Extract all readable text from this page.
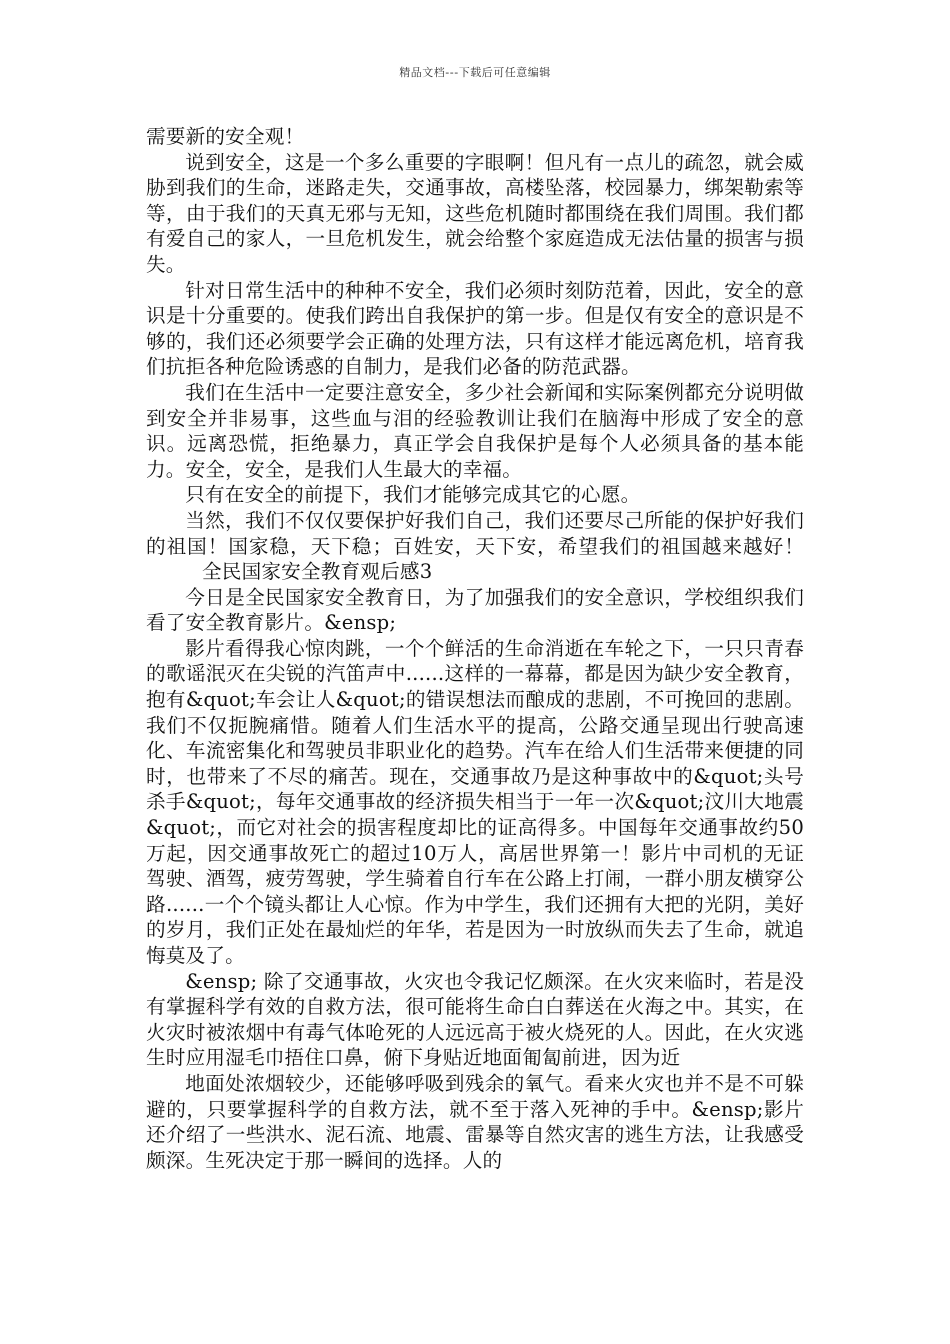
精品文档---下载后可任意编辑

需要新的安全观！

说到安全，这是一个多么重要的字眼啊！但凡有一点儿的疏忽，就会威胁到我们的生命，迷路走失，交通事故，高楼坠落，校园暴力，绑架勒索等等，由于我们的天真无邪与无知，这些危机随时都围绕在我们周围。我们都有爱自己的家人，一旦危机发生，就会给整个家庭造成无法估量的损害与损失。

针对日常生活中的种种不安全，我们必须时刻防范着，因此，安全的意识是十分重要的。使我们跨出自我保护的第一步。但是仅有安全的意识是不够的，我们还必须要学会正确的处理方法，只有这样才能远离危机，培育我们抗拒各种危险诱惑的自制力，是我们必备的防范武器。

我们在生活中一定要注意安全，多少社会新闻和实际案例都充分说明做到安全并非易事，这些血与泪的经验教训让我们在脑海中形成了安全的意识。远离恐慌，拒绝暴力，真正学会自我保护是每个人必须具备的基本能力。安全，安全，是我们人生最大的幸福。

只有在安全的前提下，我们才能够完成其它的心愿。

当然，我们不仅仅要保护好我们自己，我们还要尽己所能的保护好我们的祖国！国家稳，天下稳；百姓安，天下安，希望我们的祖国越来越好！全民国家安全教育观后感3

今日是全民国家安全教育日，为了加强我们的安全意识，学校组织我们看了安全教育影片。&ensp;

影片看得我心惊肉跳，一个个鲜活的生命消逝在车轮之下，一只只青春的歌谣泯灭在尖锐的汽笛声中......这样的一幕幕，都是因为缺少安全教育，抱有&quot;车会让人&quot;的错误想法而酿成的悲剧，不可挽回的悲剧。我们不仅扼腕痛惜。随着人们生活水平的提高，公路交通呈现出行驶高速化、车流密集化和驾驶员非职业化的趋势。汽车在给人们生活带来便捷的同时，也带来了不尽的痛苦。现在，交通事故乃是这种事故中的&quot;头号杀手&quot;，每年交通事故的经济损失相当于一年一次&quot;汶川大地震&quot;，而它对社会的损害程度却比的证高得多。中国每年交通事故约50万起，因交通事故死亡的超过10万人，高居世界第一！影片中司机的无证驾驶、酒驾，疲劳驾驶，学生骑着自行车在公路上打闹，一群小朋友横穿公路......一个个镜头都让人心惊。作为中学生，我们还拥有大把的光阴，美好的岁月，我们正处在最灿烂的年华，若是因为一时放纵而失去了生命，就追悔莫及了。

&ensp; 除了交通事故，火灾也令我记忆颇深。在火灾来临时，若是没有掌握科学有效的自救方法，很可能将生命白白葬送在火海之中。其实，在火灾时被浓烟中有毒气体呛死的人远远高于被火烧死的人。因此，在火灾逃生时应用湿毛巾捂住口鼻，俯下身贴近地面匍匐前进，因为近

地面处浓烟较少，还能够呼吸到残余的氧气。看来火灾也并不是不可躲避的，只要掌握科学的自救方法，就不至于落入死神的手中。&ensp;影片还介绍了一些洪水、泥石流、地震、雷暴等自然灾害的逃生方法，让我感受颇深。生死决定于那一瞬间的选择。人的
